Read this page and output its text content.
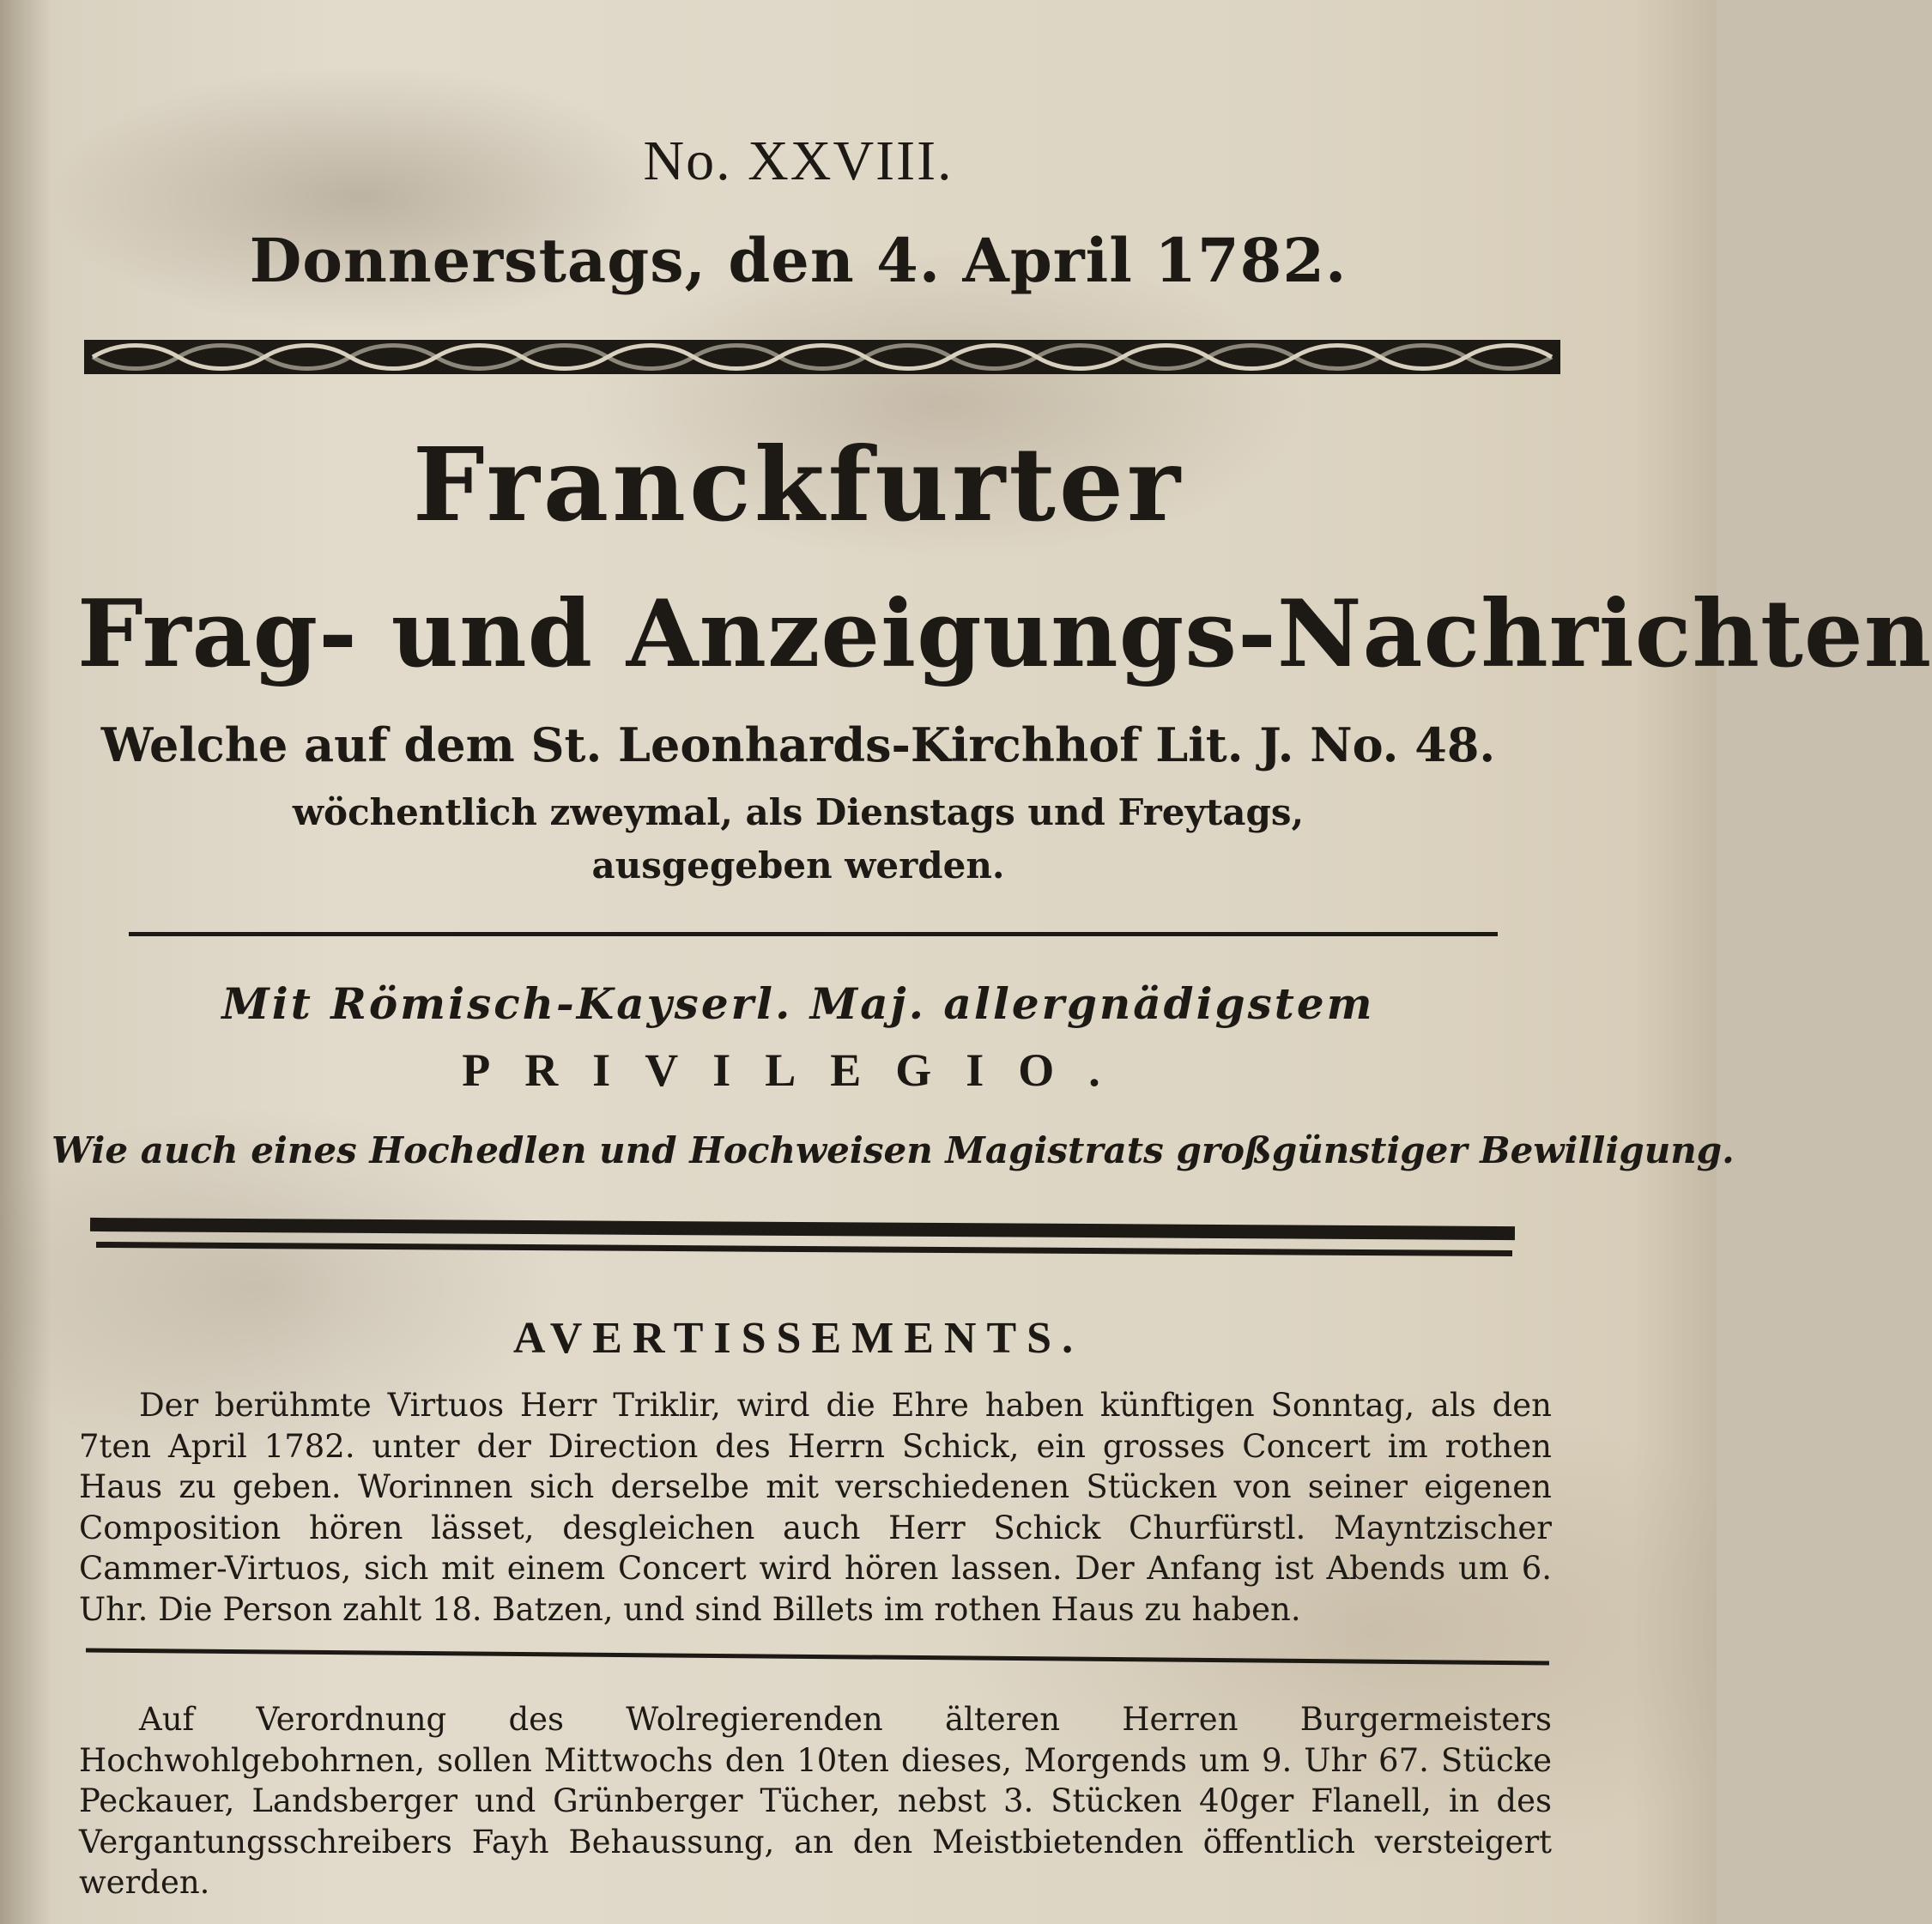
No. XXVIII.
Donnerstags, den 4. April 1782.
Franckfurter
Frag- und Anzeigungs-Nachrichten
Welche auf dem St. Leonhards-Kirchhof Lit. J. No. 48.
wöchentlich zweymal, als Dienstags und Freytags,
ausgegeben werden.
Mit Römisch-Kayserl. Maj. allergnädigstem
PRIVILEGIO.
Wie auch eines Hochedlen und Hochweisen Magistrats großgünstiger Bewilligung.
AVERTISSEMENTS.

Der berühmte Virtuos Herr Triklir, wird die Ehre haben künftigen Sonntag, als den 7ten April 1782. unter der Direction des Herrn Schick, ein grosses Concert im rothen Haus zu geben. Worinnen sich derselbe mit verschiedenen Stücken von seiner eigenen Composition hören lässet, desgleichen auch Herr Schick Churfürstl. Mayntzischer Cammer-Virtuos, sich mit einem Concert wird hören lassen. Der Anfang ist Abends um 6. Uhr. Die Person zahlt 18. Batzen, und sind Billets im rothen Haus zu haben.

Auf Verordnung des Wolregierenden älteren Herren Burgermeisters Hochwohlgebohrnen, sollen Mittwochs den 10ten dieses, Morgends um 9. Uhr 67. Stücke Peckauer, Landsberger und Grünberger Tücher, nebst 3. Stücken 40ger Flanell, in des Vergantungsschreibers Fayh Behaussung, an den Meistbietenden öffentlich versteigert werden.
